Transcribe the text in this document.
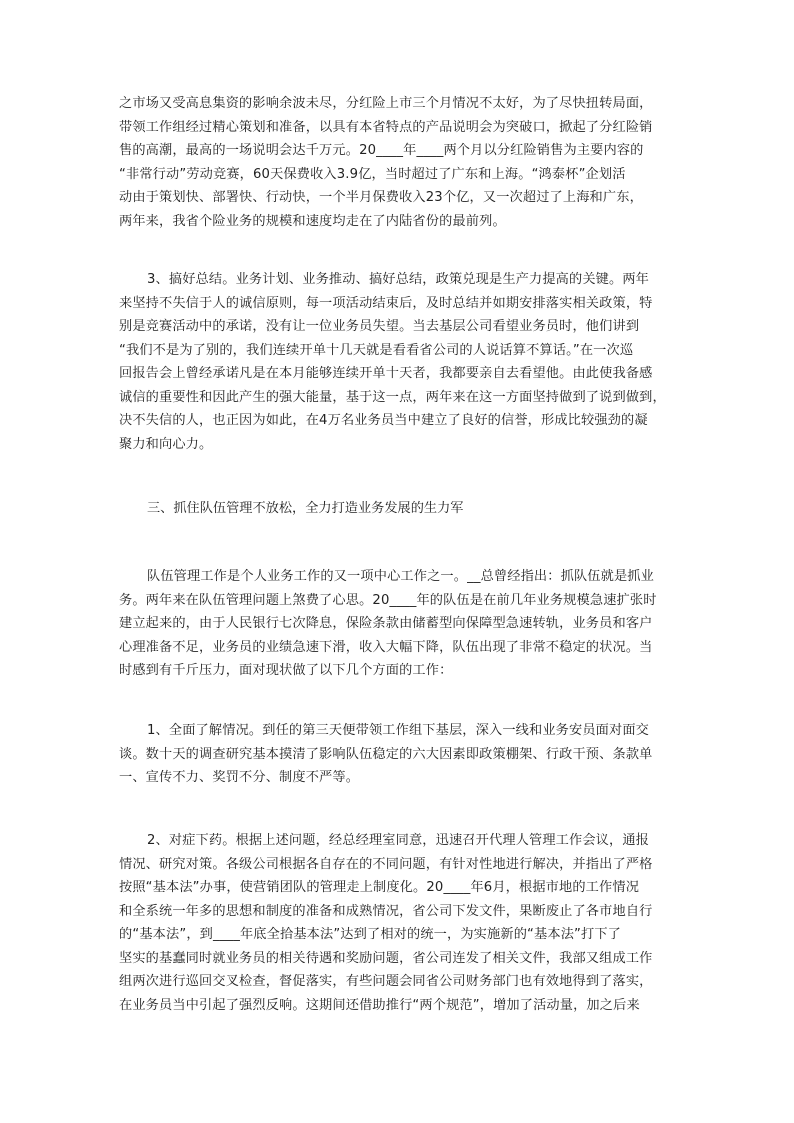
之市场又受高息集资的影响余波未尽，分红险上市三个月情况不太好，为了尽快扭转局面，
带领工作组经过精心策划和准备，以具有本省特点的产品说明会为突破口，掀起了分红险销
售的高潮，最高的一场说明会达千万元。20____年____两个月以分红险销售为主要内容的
“非常行动”劳动竞赛，60天保费收入3.9亿，当时超过了广东和上海。“鸿泰杯”企划活
动由于策划快、部署快、行动快，一个半月保费收入23个亿，又一次超过了上海和广东，
两年来，我省个险业务的规模和速度均走在了内陆省份的最前列。
3、搞好总结。业务计划、业务推动、搞好总结，政策兑现是生产力提高的关键。两年
来坚持不失信于人的诚信原则，每一项活动结束后，及时总结并如期安排落实相关政策，特
别是竞赛活动中的承诺，没有让一位业务员失望。当去基层公司看望业务员时，他们讲到
“我们不是为了别的，我们连续开单十几天就是看看省公司的人说话算不算话。”在一次巡
回报告会上曾经承诺凡是在本月能够连续开单十天者，我都要亲自去看望他。由此使我备感
诚信的重要性和因此产生的强大能量，基于这一点，两年来在这一方面坚持做到了说到做到，
决不失信的人，也正因为如此，在4万名业务员当中建立了良好的信誉，形成比较强劲的凝
聚力和向心力。
三、抓住队伍管理不放松，全力打造业务发展的生力军
队伍管理工作是个人业务工作的又一项中心工作之一。__总曾经指出：抓队伍就是抓业
务。两年来在队伍管理问题上煞费了心思。20____年的队伍是在前几年业务规模急速扩张时
建立起来的，由于人民银行七次降息，保险条款由储蓄型向保障型急速转轨，业务员和客户
心理准备不足，业务员的业绩急速下滑，收入大幅下降，队伍出现了非常不稳定的状况。当
时感到有千斤压力，面对现状做了以下几个方面的工作：
1、全面了解情况。到任的第三天便带领工作组下基层，深入一线和业务安员面对面交
谈。数十天的调查研究基本摸清了影响队伍稳定的六大因素即政策棚架、行政干预、条款单
一、宣传不力、奖罚不分、制度不严等。
2、对症下药。根据上述问题，经总经理室同意，迅速召开代理人管理工作会议，通报
情况、研究对策。各级公司根据各自存在的不同问题，有针对性地进行解决，并指出了严格
按照“基本法”办事，使营销团队的管理走上制度化。20____年6月，根据市地的工作情况
和全系统一年多的思想和制度的准备和成熟情况，省公司下发文件，果断废止了各市地自行
的“基本法”，到____年底全拾基本法”达到了相对的统一，为实施新的“基本法”打下了
坚实的基蠢同时就业务员的相关待遇和奖励问题，省公司连发了相关文件，我部又组成工作
组两次进行巡回交叉检查，督促落实，有些问题会同省公司财务部门也有效地得到了落实，
在业务员当中引起了强烈反响。这期间还借助推行“两个规范”，增加了活动量，加之后来
